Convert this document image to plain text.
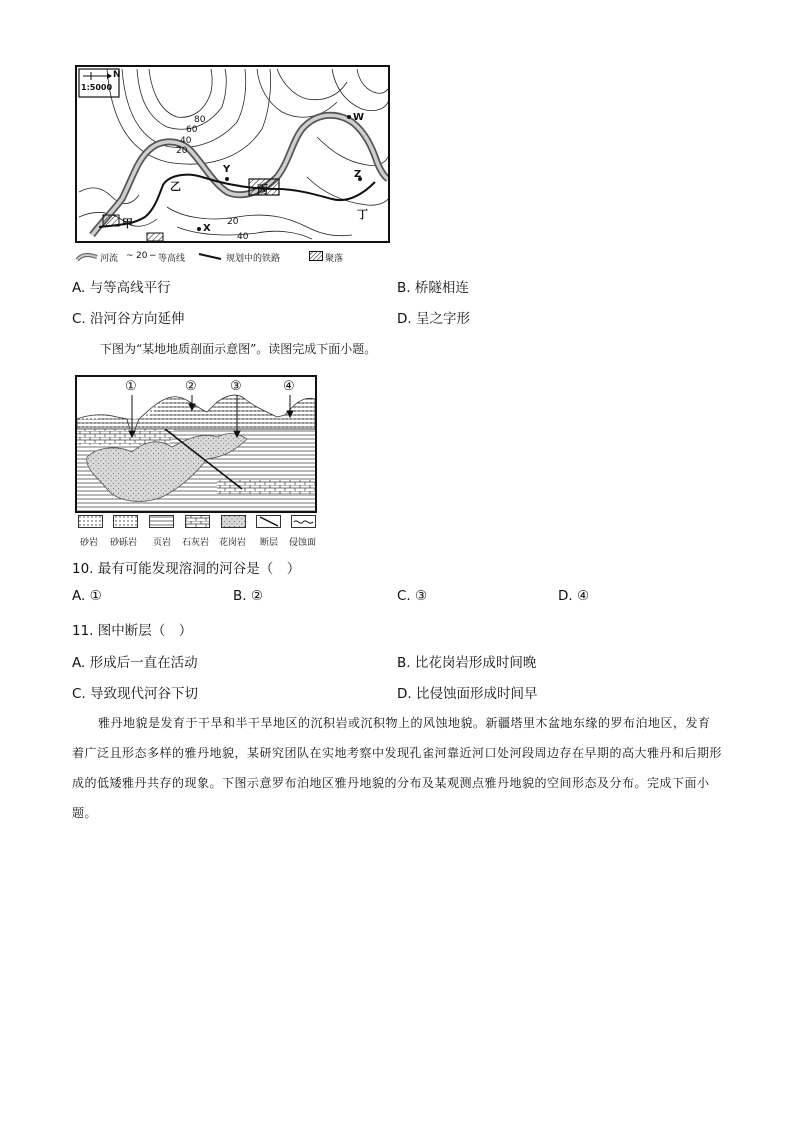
N
1:5000
80
60
40
20
20
40
甲
乙	丙
丁
X
Y
W
Z
河流 ~ 20 − 等高线	规划中的铁路	聚落
A. 与等高线平行	B. 桥隧相连
C. 沿河谷方向延伸	D. 呈之字形
下图为“某地地质剖面示意图”。读图完成下面小题。
①	②	③	④
砂岩 砂砾岩 页岩 石灰岩 花岗岩 断层 侵蚀面
10. 最有可能发现溶洞的河谷是（　）
A. ①	B. ②	C. ③	D. ④
11. 图中断层（　）
A. 形成后一直在活动	B. 比花岗岩形成时间晚
C. 导致现代河谷下切	D. 比侵蚀面形成时间早
雅丹地貌是发育于干旱和半干旱地区的沉积岩或沉积物上的风蚀地貌。新疆塔里木盆地东缘的罗布泊地区，发育着广泛且形态多样的雅丹地貌，某研究团队在实地考察中发现孔雀河靠近河口处河段周边存在早期的高大雅丹和后期形成的低矮雅丹共存的现象。下图示意罗布泊地区雅丹地貌的分布及某观测点雅丹地貌的空间形态及分布。完成下面小题。
